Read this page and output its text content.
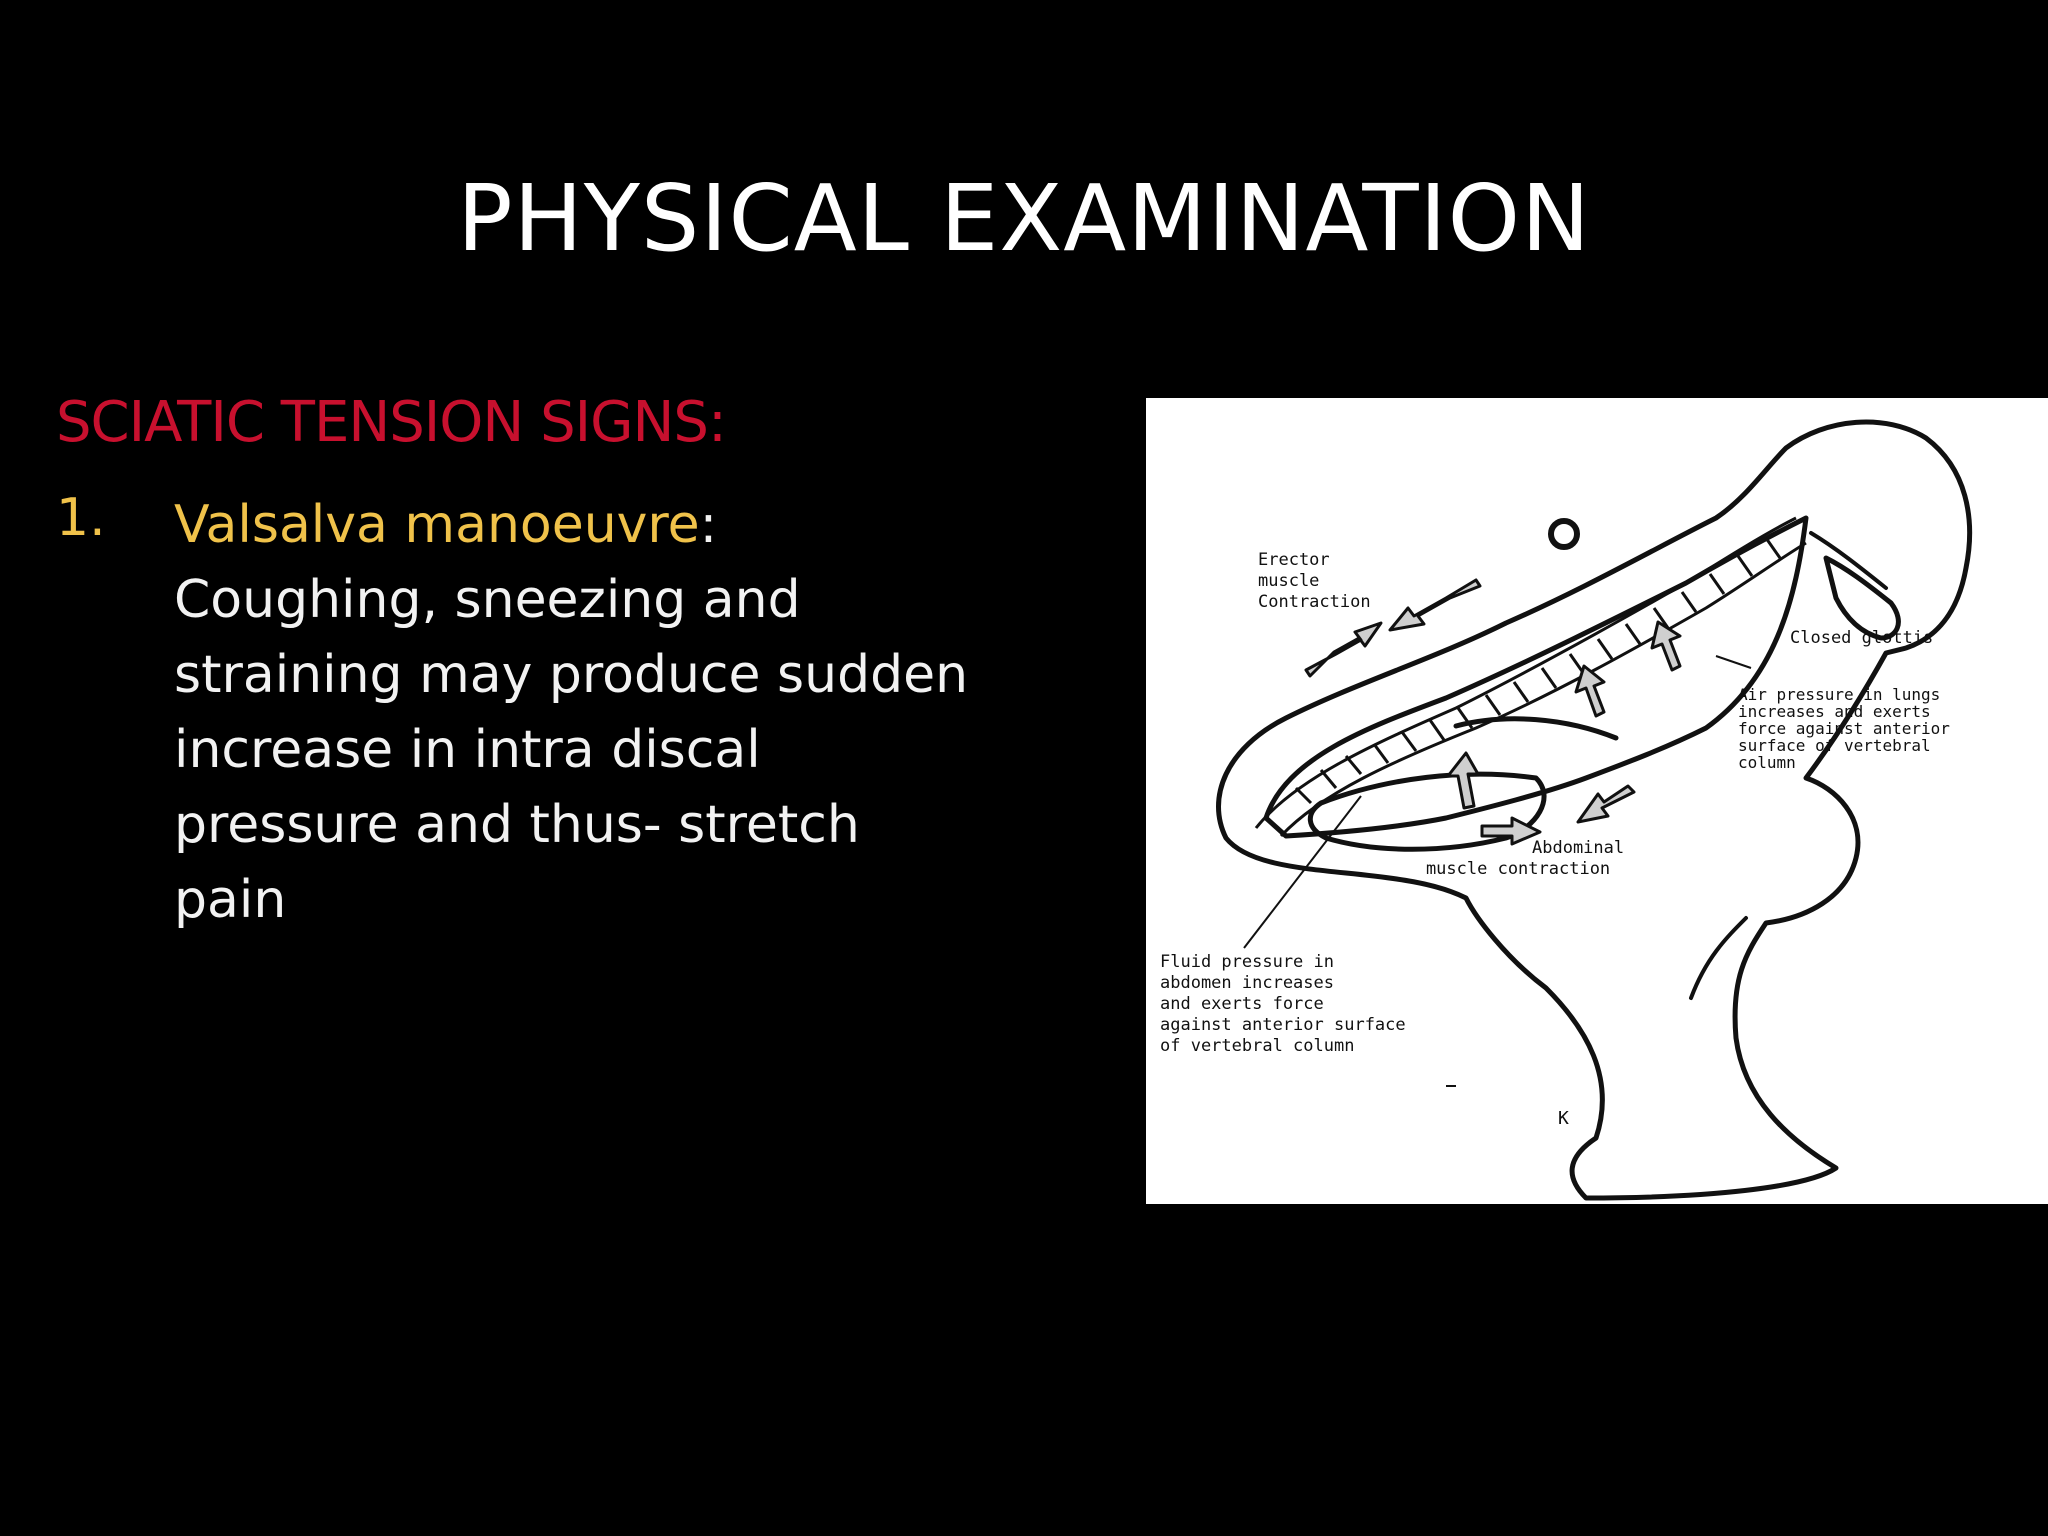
PHYSICAL EXAMINATION
SCIATIC TENSION SIGNS:
1. Valsalva manoeuvre:
Coughing, sneezing and
straining may produce sudden
increase in intra discal
pressure and thus- stretch
pain
K
Erector
muscle
Contraction
Closed glottis
Air pressure in lungs
increases and exerts
force against anterior
surface of vertebral
column
Abdominal
muscle contraction
Fluid pressure in
abdomen increases
and exerts force
against anterior surface
of vertebral column
